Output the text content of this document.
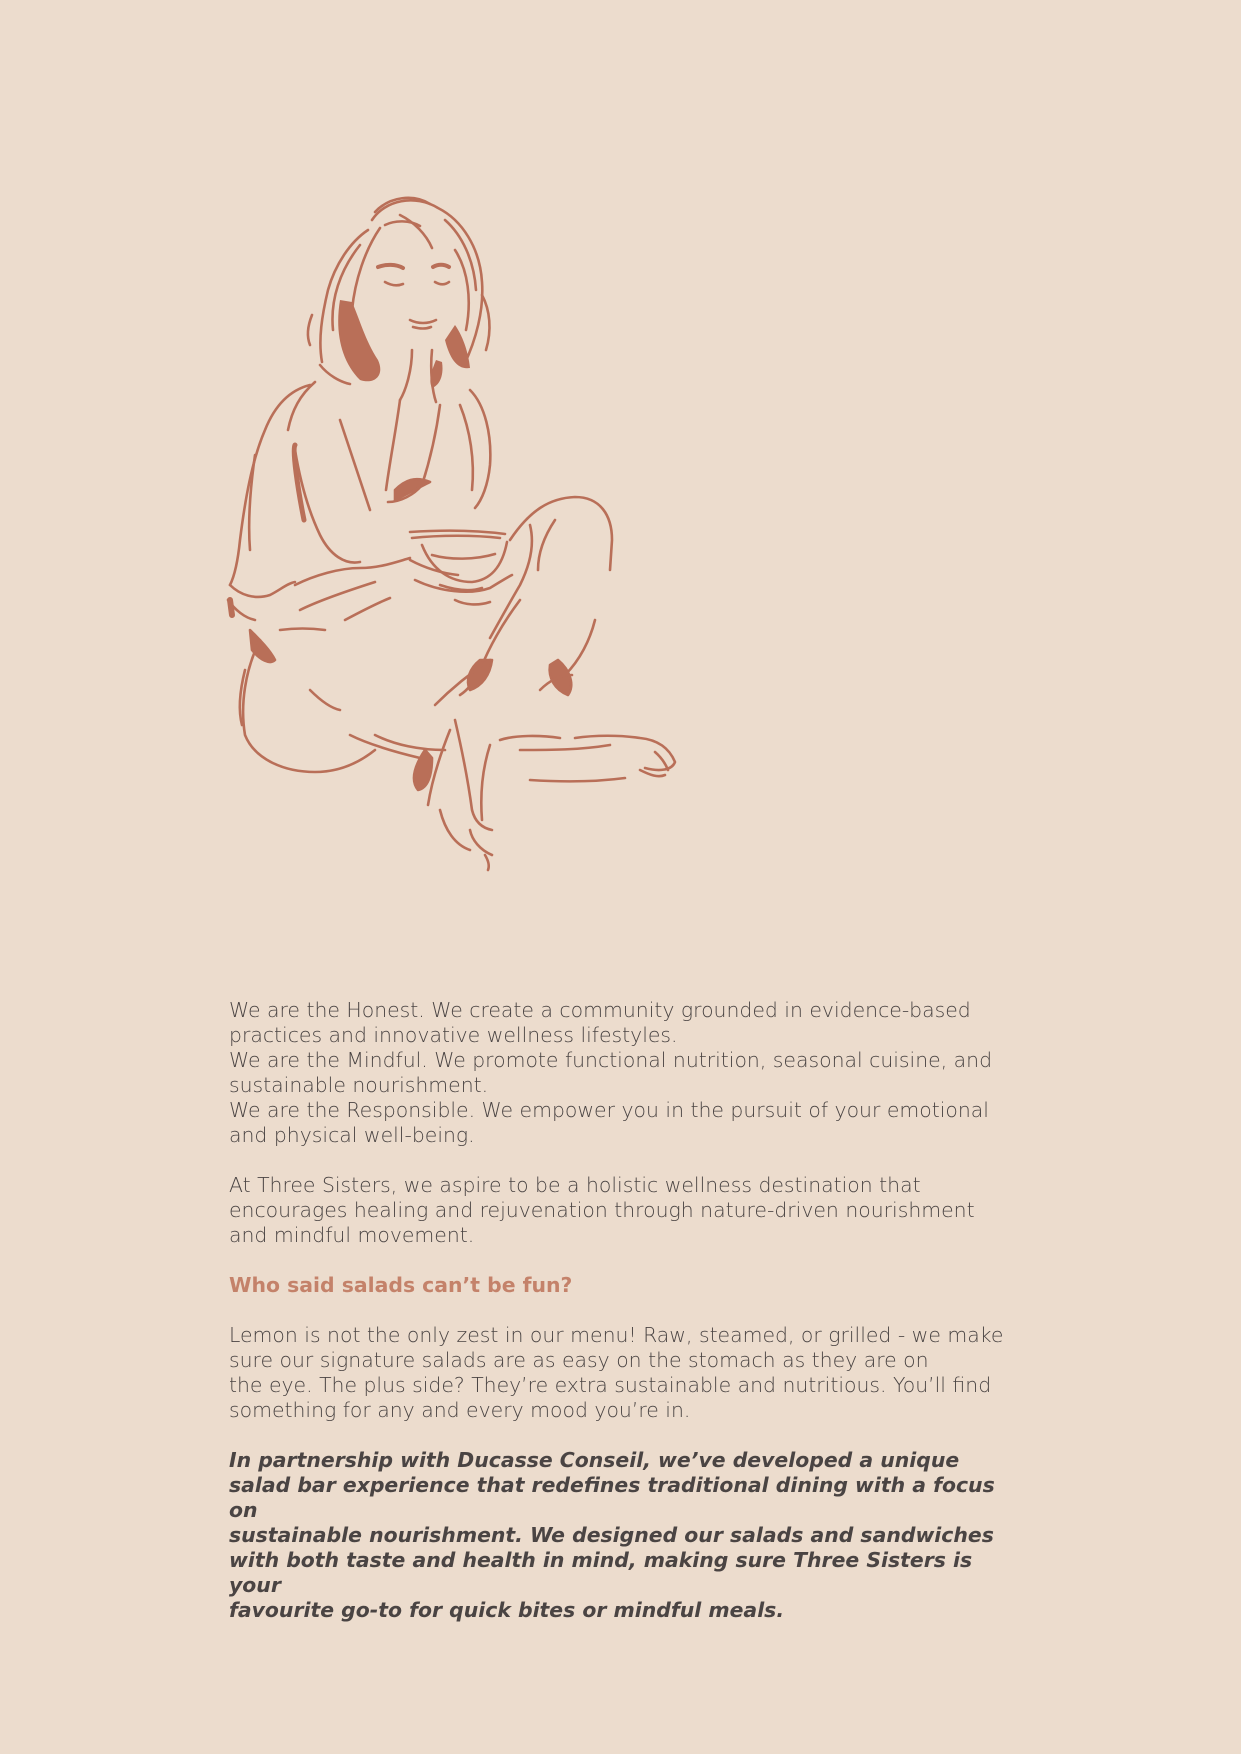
We are the Honest. We create a community grounded in evidence-based

practices and innovative wellness lifestyles.

We are the Mindful. We promote functional nutrition, seasonal cuisine, and

sustainable nourishment.

We are the Responsible. We empower you in the pursuit of your emotional

and physical well-being.

At Three Sisters, we aspire to be a holistic wellness destination that

encourages healing and rejuvenation through nature-driven nourishment

and mindful movement.

Who said salads can’t be fun?

Lemon is not the only zest in our menu! Raw, steamed, or grilled - we make

sure our signature salads are as easy on the stomach as they are on

the eye. The plus side? They’re extra sustainable and nutritious. You’ll find

something for any and every mood you’re in.

In partnership with Ducasse Conseil, we’ve developed a unique

salad bar experience that redefines traditional dining with a focus on

sustainable nourishment. We designed our salads and sandwiches

with both taste and health in mind, making sure Three Sisters is your

favourite go-to for quick bites or mindful meals.
